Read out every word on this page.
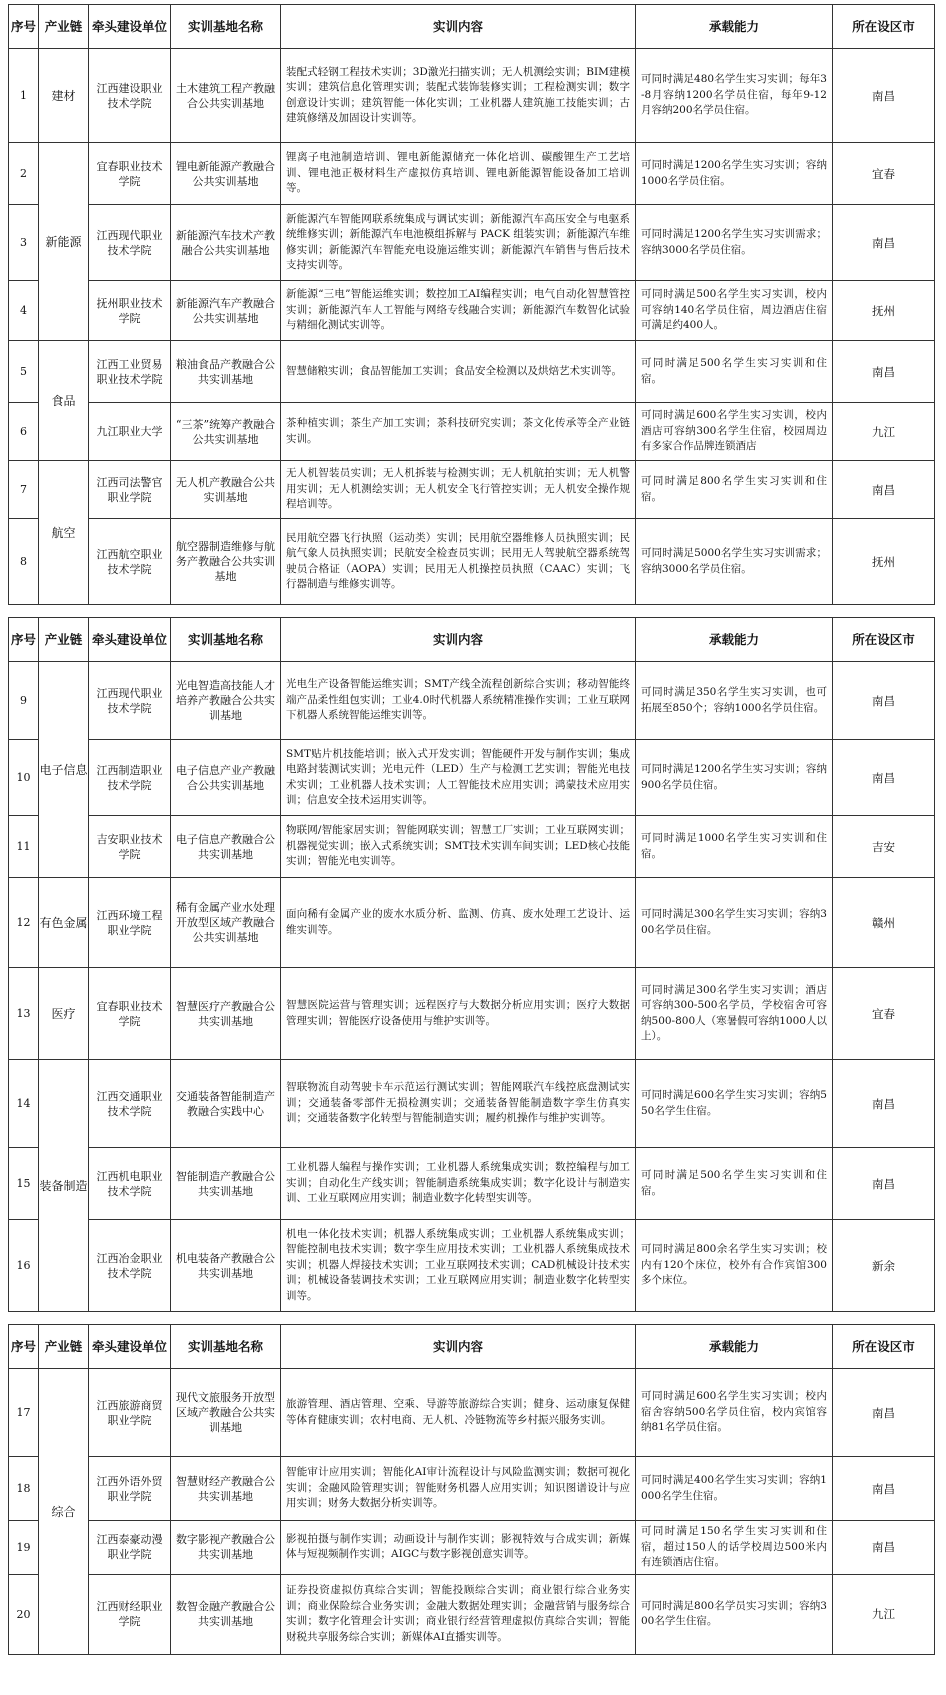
序号	产业链	牵头建设单位	实训基地名称	实训内容	承载能力	所在设区市
1	建材	江西建设职业技术学院	土木建筑工程产教融合公共实训基地	装配式轻钢工程技术实训；3D激光扫描实训；无人机测绘实训；BIM建模实训；建筑信息化管理实训；装配式装饰装修实训；工程检测实训；数字创意设计实训；建筑智能一体化实训；工业机器人建筑施工技能实训；古建筑修缮及加固设计实训等。	可同时满足480名学生实习实训；每年3-8月容纳1200名学员住宿，每年9-12月容纳200名学员住宿。	南昌
2	新能源	宜春职业技术学院	锂电新能源产教融合公共实训基地	锂离子电池制造培训、锂电新能源储充一体化培训、碳酸锂生产工艺培训、锂电池正极材料生产虚拟仿真培训、锂电新能源智能设备加工培训等。	可同时满足1200名学生实习实训；容纳1000名学员住宿。	宜春
3		江西现代职业技术学院	新能源汽车技术产教融合公共实训基地	新能源汽车智能网联系统集成与调试实训；新能源汽车高压安全与电驱系统维修实训；新能源汽车电池模组拆解与 PACK 组装实训；新能源汽车维修实训；新能源汽车智能充电设施运维实训；新能源汽车销售与售后技术支持实训等。	可同时满足1200名学生实习实训需求；容纳3000名学员住宿。	南昌
4		抚州职业技术学院	新能源汽车产教融合公共实训基地	新能源“三电”智能运维实训；数控加工AI编程实训；电气自动化智慧管控实训；新能源汽车人工智能与网络专线融合实训；新能源汽车数智化试验与精细化测试实训等。	可同时满足500名学生实习实训，校内可容纳140名学员住宿，周边酒店住宿可满足约400人。	抚州
5	食品	江西工业贸易职业技术学院	粮油食品产教融合公共实训基地	智慧储粮实训；食品智能加工实训；食品安全检测以及烘焙艺术实训等。	可同时满足500名学生实习实训和住宿。	南昌
6		九江职业大学	“三茶”统筹产教融合公共实训基地	茶种植实训；茶生产加工实训；茶科技研究实训；茶文化传承等全产业链实训。	可同时满足600名学生实习实训，校内酒店可容纳300名学生住宿，校园周边有多家合作品牌连锁酒店	九江
7	航空	江西司法警官职业学院	无人机产教融合公共实训基地	无人机智装员实训；无人机拆装与检测实训；无人机航拍实训；无人机警用实训；无人机测绘实训；无人机安全飞行管控实训；无人机安全操作规程培训等。	可同时满足800名学生实习实训和住宿。	南昌
8		江西航空职业技术学院	航空器制造维修与航务产教融合公共实训基地	民用航空器飞行执照（运动类）实训；民用航空器维修人员执照实训；民航气象人员执照实训；民航安全检查员实训；民用无人驾驶航空器系统驾驶员合格证（AOPA）实训；民用无人机操控员执照（CAAC）实训；飞行器制造与维修实训等。	可同时满足5000名学生实习实训需求；容纳3000名学员住宿。	抚州
序号	产业链	牵头建设单位	实训基地名称	实训内容	承载能力	所在设区市
9	电子信息	江西现代职业技术学院	光电智造高技能人才培养产教融合公共实训基地	光电生产设备智能运维实训；SMT产线全流程创新综合实训；移动智能终端产品柔性组包实训；工业4.0时代机器人系统精准操作实训；工业互联网下机器人系统智能运维实训等。	可同时满足350名学生实习实训，也可拓展至850个；容纳1000名学员住宿。	南昌
10		江西制造职业技术学院	电子信息产业产教融合公共实训基地	SMT贴片机技能培训；嵌入式开发实训；智能硬件开发与制作实训；集成电路封装测试实训；光电元件（LED）生产与检测工艺实训；智能光电技术实训；工业机器人技术实训；人工智能技术应用实训；鸿蒙技术应用实训；信息安全技术运用实训等。	可同时满足1200名学生实习实训；容纳900名学员住宿。	南昌
11		吉安职业技术学院	电子信息产教融合公共实训基地	物联网/智能家居实训；智能网联实训；智慧工厂实训；工业互联网实训；机器视觉实训；嵌入式系统实训；SMT技术实训车间实训；LED核心技能实训；智能光电实训等。	可同时满足1000名学生实习实训和住宿。	吉安
12	有色金属	江西环境工程职业学院	稀有金属产业水处理开放型区域产教融合公共实训基地	面向稀有金属产业的废水水质分析、监测、仿真、废水处理工艺设计、运维实训等。	可同时满足300名学生实习实训；容纳300名学员住宿。	赣州
13	医疗	宜春职业技术学院	智慧医疗产教融合公共实训基地	智慧医院运营与管理实训；远程医疗与大数据分析应用实训；医疗大数据管理实训；智能医疗设备使用与维护实训等。	可同时满足300名学生实习实训；酒店可容纳300-500名学员，学校宿舍可容纳500-800人（寒暑假可容纳1000人以上）。	宜春
14	装备制造	江西交通职业技术学院	交通装备智能制造产教融合实践中心	智联物流自动驾驶卡车示范运行测试实训；智能网联汽车线控底盘测试实训；交通装备零部件无损检测实训；交通装备智能制造数字孪生仿真实训；交通装备数字化转型与智能制造实训；履约机操作与维护实训等。	可同时满足600名学生实习实训；容纳550名学生住宿。	南昌
15		江西机电职业技术学院	智能制造产教融合公共实训基地	工业机器人编程与操作实训；工业机器人系统集成实训；数控编程与加工实训；自动化生产线实训；智能制造系统集成实训；数字化设计与制造实训、工业互联网应用实训；制造业数字化转型实训等。	可同时满足500名学生实习实训和住宿。	南昌
16		江西冶金职业技术学院	机电装备产教融合公共实训基地	机电一体化技术实训；机器人系统集成实训；工业机器人系统集成实训；智能控制电技术实训；数字孪生应用技术实训；工业机器人系统集成技术实训；机器人焊接技术实训；工业互联网技术实训；CAD机械设计技术实训；机械设备装调技术实训；工业互联网应用实训；制造业数字化转型实训等。	可同时满足800余名学生实习实训；校内有120个床位，校外有合作宾馆300多个床位。	新余
序号	产业链	牵头建设单位	实训基地名称	实训内容	承载能力	所在设区市
17	综合	江西旅游商贸职业学院	现代文旅服务开放型区域产教融合公共实训基地	旅游管理、酒店管理、空乘、导游等旅游综合实训；健身、运动康复保健等体育健康实训；农村电商、无人机、冷链物流等乡村振兴服务实训。	可同时满足600名学生实习实训；校内宿舍容纳500名学员住宿，校内宾馆容纳81名学员住宿。	南昌
18		江西外语外贸职业学院	智慧财经产教融合公共实训基地	智能审计应用实训；智能化AI审计流程设计与风险监测实训；数据可视化实训；金融风险管理实训；智能财务机器人应用实训；知识图谱设计与应用实训；财务大数据分析实训等。	可同时满足400名学生实习实训；容纳1000名学生住宿。	南昌
19		江西泰豪动漫职业学院	数字影视产教融合公共实训基地	影视拍摄与制作实训；动画设计与制作实训；影视特效与合成实训；新媒体与短视频制作实训；AIGC与数字影视创意实训等。	可同时满足150名学生实习实训和住宿，超过150人的话学校周边500米内有连锁酒店住宿。	南昌
20		江西财经职业学院	数智金融产教融合公共实训基地	证券投资虚拟仿真综合实训；智能投顾综合实训；商业银行综合业务实训；商业保险综合业务实训；金融大数据处理实训；金融营销与服务综合实训；数字化管理会计实训；商业银行经营管理虚拟仿真综合实训；智能财税共享服务综合实训；新媒体AI直播实训等。	可同时满足800名学员实习实训；容纳300名学生住宿。	九江
